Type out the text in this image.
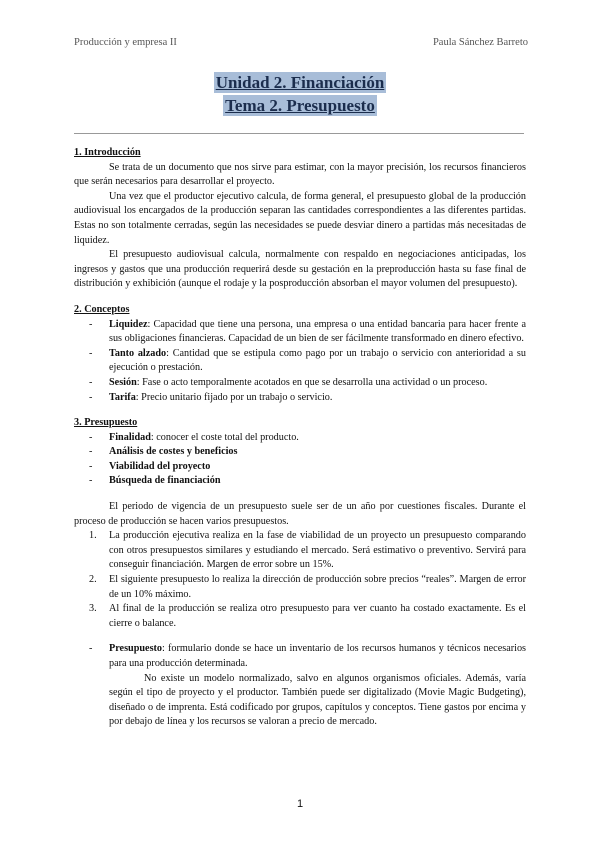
Producción y empresa II	Paula Sánchez Barreto
Unidad 2. Financiación
Tema 2. Presupuesto

1. Introducción

Se trata de un documento que nos sirve para estimar, con la mayor precisión, los recursos financieros que serán necesarios para desarrollar el proyecto.

Una vez que el productor ejecutivo calcula, de forma general, el presupuesto global de la producción audiovisual los encargados de la producción separan las cantidades correspondientes a las diferentes partidas. Estas no son totalmente cerradas, según las necesidades se puede desviar dinero a partidas más necesitadas de liquidez.

El presupuesto audiovisual calcula, normalmente con respaldo en negociaciones anticipadas, los ingresos y gastos que una producción requerirá desde su gestación en la preproducción hasta su fase final de distribución y exhibición (aunque el rodaje y la posproducción absorban el mayor volumen del presupuesto).

2. Conceptos

- Liquidez: Capacidad que tiene una persona, una empresa o una entidad bancaria para hacer frente a sus obligaciones financieras. Capacidad de un bien de ser fácilmente transformado en dinero efectivo.
- Tanto alzado: Cantidad que se estipula como pago por un trabajo o servicio con anterioridad a su ejecución o prestación.
- Sesión: Fase o acto temporalmente acotados en que se desarrolla una actividad o un proceso.
- Tarifa: Precio unitario fijado por un trabajo o servicio.

3. Presupuesto

- Finalidad: conocer el coste total del producto.
- Análisis de costes y beneficios
- Viabilidad del proyecto
- Búsqueda de financiación

El periodo de vigencia de un presupuesto suele ser de un año por cuestiones fiscales. Durante el proceso de producción se hacen varios presupuestos.

1. La producción ejecutiva realiza en la fase de viabilidad de un proyecto un presupuesto comparando con otros presupuestos similares y estudiando el mercado. Será estimativo o preventivo. Servirá para conseguir financiación. Margen de error sobre un 15%.
2. El siguiente presupuesto lo realiza la dirección de producción sobre precios “reales”. Margen de error de un 10% máximo.
3. Al final de la producción se realiza otro presupuesto para ver cuanto ha costado exactamente. Es el cierre o balance.
- Presupuesto: formulario donde se hace un inventario de los recursos humanos y técnicos necesarios para una producción determinada.

No existe un modelo normalizado, salvo en algunos organismos oficiales. Además, varía según el tipo de proyecto y el productor. También puede ser digitalizado (Movie Magic Budgeting), diseñado o de imprenta. Está codificado por grupos, capítulos y conceptos. Tiene gastos por encima y por debajo de línea y los recursos se valoran a precio de mercado.

1
